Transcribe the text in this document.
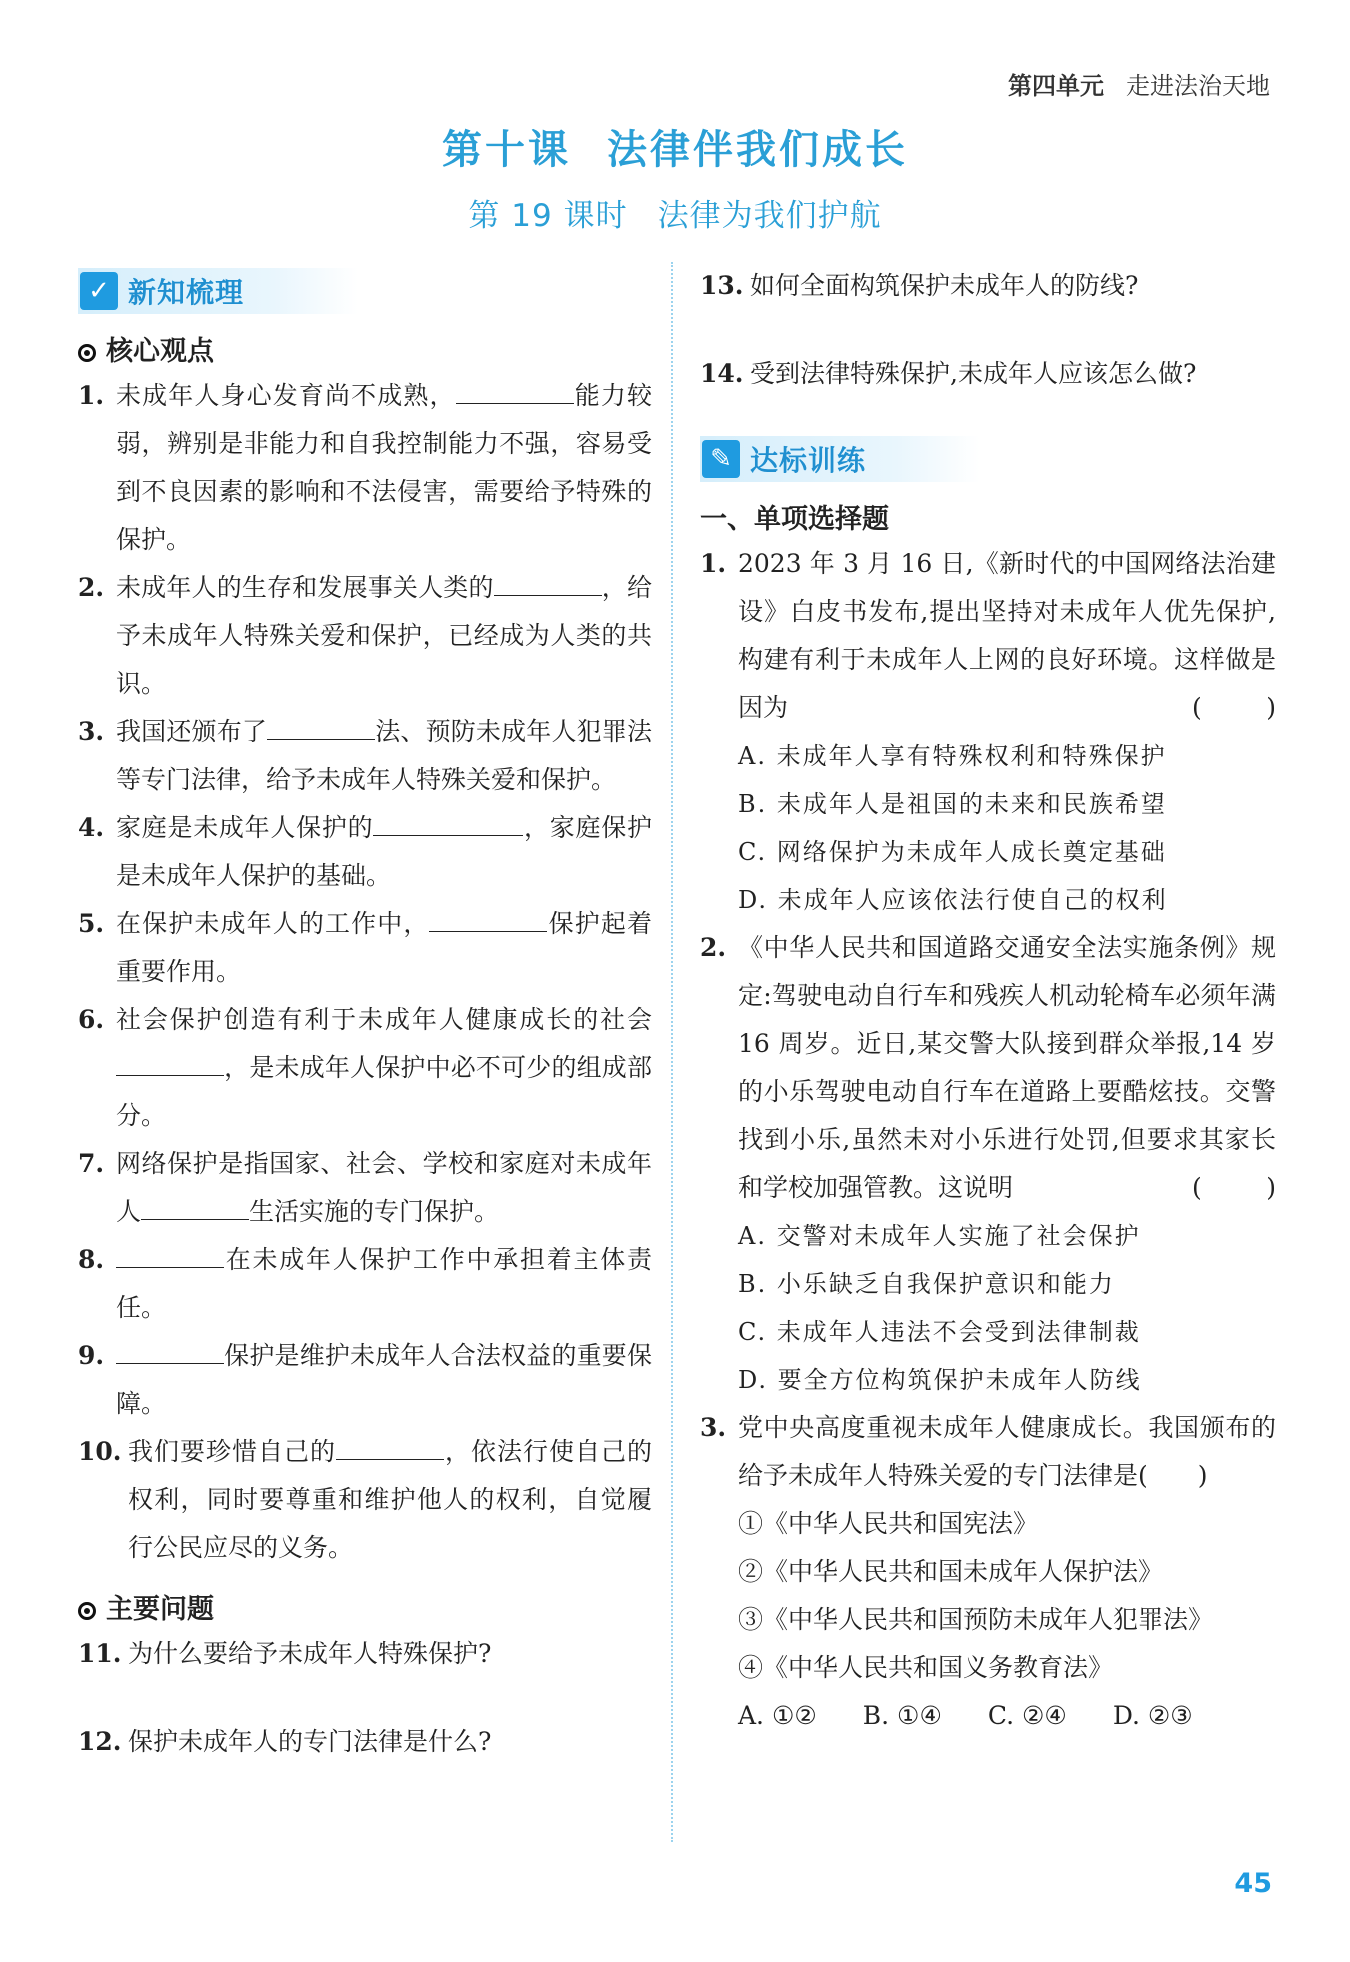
第四单元 走进法治天地
第十课 法律伴我们成长
第 19 课时 法律为我们护航
✓ 新知梳理
核心观点
1. 未成年人身心发育尚不成熟，	能力较弱，辨别是非能力和自我控制能力不强，容易受到不良因素的影响和不法侵害，需要给予特殊的保护。
2. 未成年人的生存和发展事关人类的	，给予未成年人特殊关爱和保护，已经成为人类的共识。
3. 我国还颁布了	法、预防未成年人犯罪法等专门法律，给予未成年人特殊关爱和保护。
4. 家庭是未成年人保护的	，家庭保护是未成年人保护的基础。
5. 在保护未成年人的工作中，	保护起着重要作用。
6. 社会保护创造有利于未成年人健康成长的社会，是未成年人保护中必不可少的组成部分。
7. 网络保护是指国家、社会、学校和家庭对未成年人	生活实施的专门保护。
8.	在未成年人保护工作中承担着主体责任。
9.	保护是维护未成年人合法权益的重要保障。
10. 我们要珍惜自己的	，依法行使自己的权利，同时要尊重和维护他人的权利，自觉履行公民应尽的义务。
主要问题
11. 为什么要给予未成年人特殊保护?
12. 保护未成年人的专门法律是什么?
13. 如何全面构筑保护未成年人的防线?
14. 受到法律特殊保护,未成年人应该怎么做?
✎ 达标训练
一、单项选择题
1. 2023 年 3 月 16 日,《新时代的中国网络法治建设》白皮书发布,提出坚持对未成年人优先保护,构建有利于未成年人上网的良好环境。这样做是因为	(	)
A. 未成年人享有特殊权利和特殊保护
B. 未成年人是祖国的未来和民族希望
C. 网络保护为未成年人成长奠定基础
D. 未成年人应该依法行使自己的权利
2. 《中华人民共和国道路交通安全法实施条例》规定:驾驶电动自行车和残疾人机动轮椅车必须年满 16 周岁。近日,某交警大队接到群众举报,14 岁的小乐驾驶电动自行车在道路上要酷炫技。交警找到小乐,虽然未对小乐进行处罚,但要求其家长和学校加强管教。这说明	(	)
A. 交警对未成年人实施了社会保护
B. 小乐缺乏自我保护意识和能力
C. 未成年人违法不会受到法律制裁
D. 要全方位构筑保护未成年人防线
3. 党中央高度重视未成年人健康成长。我国颁布的给予未成年人特殊关爱的专门法律是(　　)
①《中华人民共和国宪法》
②《中华人民共和国未成年人保护法》
③《中华人民共和国预防未成年人犯罪法》
④《中华人民共和国义务教育法》
A. ①② B. ①④ C. ②④ D. ②③
45
